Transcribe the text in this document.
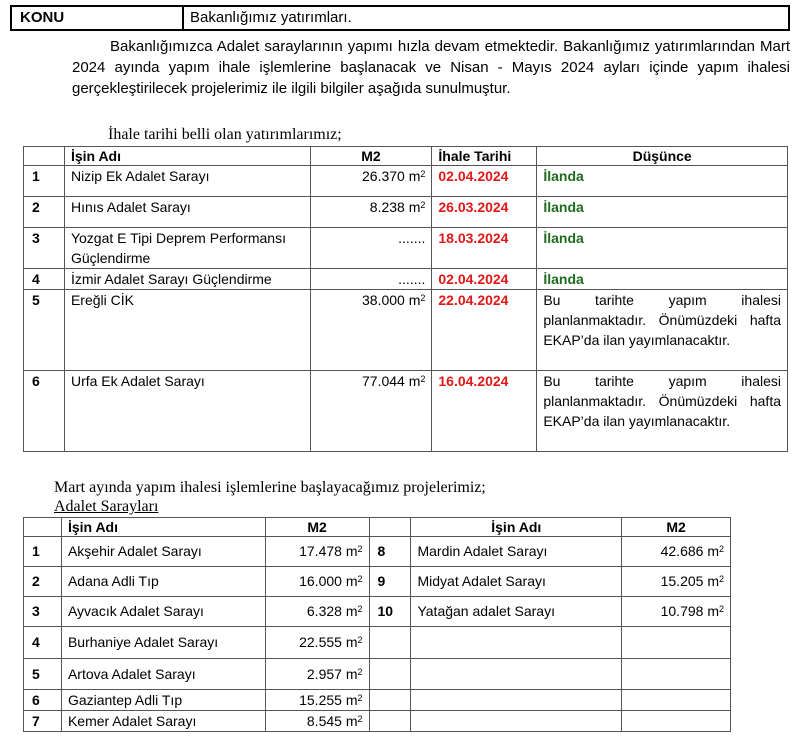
KONU	Bakanlığımız yatırımları.

Bakanlığımızca Adalet saraylarının yapımı hızla devam etmektedir. Bakanlığımız yatırımlarından Mart 2024 ayında yapım ihale işlemlerine başlanacak ve Nisan - Mayıs 2024 ayları içinde yapım ihalesi gerçekleştirilecek projelerimiz ile ilgili bilgiler aşağıda sunulmuştur.

İhale tarihi belli olan yatırımlarımız;
	İşin Adı	M2	İhale Tarihi	Düşünce
1	Nizip Ek Adalet Sarayı	26.370 $m^2$	02.04.2024	İlanda
2	Hınıs Adalet Sarayı	8.238 $m^2$	26.03.2024	İlanda
3	Yozgat E Tipi Deprem Performansı Güçlendirme	.......	18.03.2024	İlanda
4	İzmir Adalet Sarayı Güçlendirme	.......	02.04.2024	İlanda
5	Ereğli CİK	38.000 $m^2$	22.04.2024	Bu tarihte yapım ihalesi planlanmaktadır. Önümüzdeki hafta EKAP’da ilan yayımlanacaktır.
6	Urfa Ek Adalet Sarayı	77.044 $m^2$	16.04.2024	Bu tarihte yapım ihalesi planlanmaktadır. Önümüzdeki hafta EKAP’da ilan yayımlanacaktır.
Mart ayında yapım ihalesi işlemlerine başlayacağımız projelerimiz;
Adalet Sarayları
	İşin Adı	M2		İşin Adı	M2
1	Akşehir Adalet Sarayı	17.478 $m^2$	8	Mardin Adalet Sarayı	42.686 $m^2$
2	Adana Adli Tıp	16.000 $m^2$	9	Midyat Adalet Sarayı	15.205 $m^2$
3	Ayvacık Adalet Sarayı	6.328 $m^2$	10	Yatağan adalet Sarayı	10.798 $m^2$
4	Burhaniye Adalet Sarayı	22.555 $m^2$			
5	Artova Adalet Sarayı	2.957 $m^2$			
6	Gaziantep Adli Tıp	15.255 $m^2$			
7	Kemer Adalet Sarayı	8.545 $m^2$			
